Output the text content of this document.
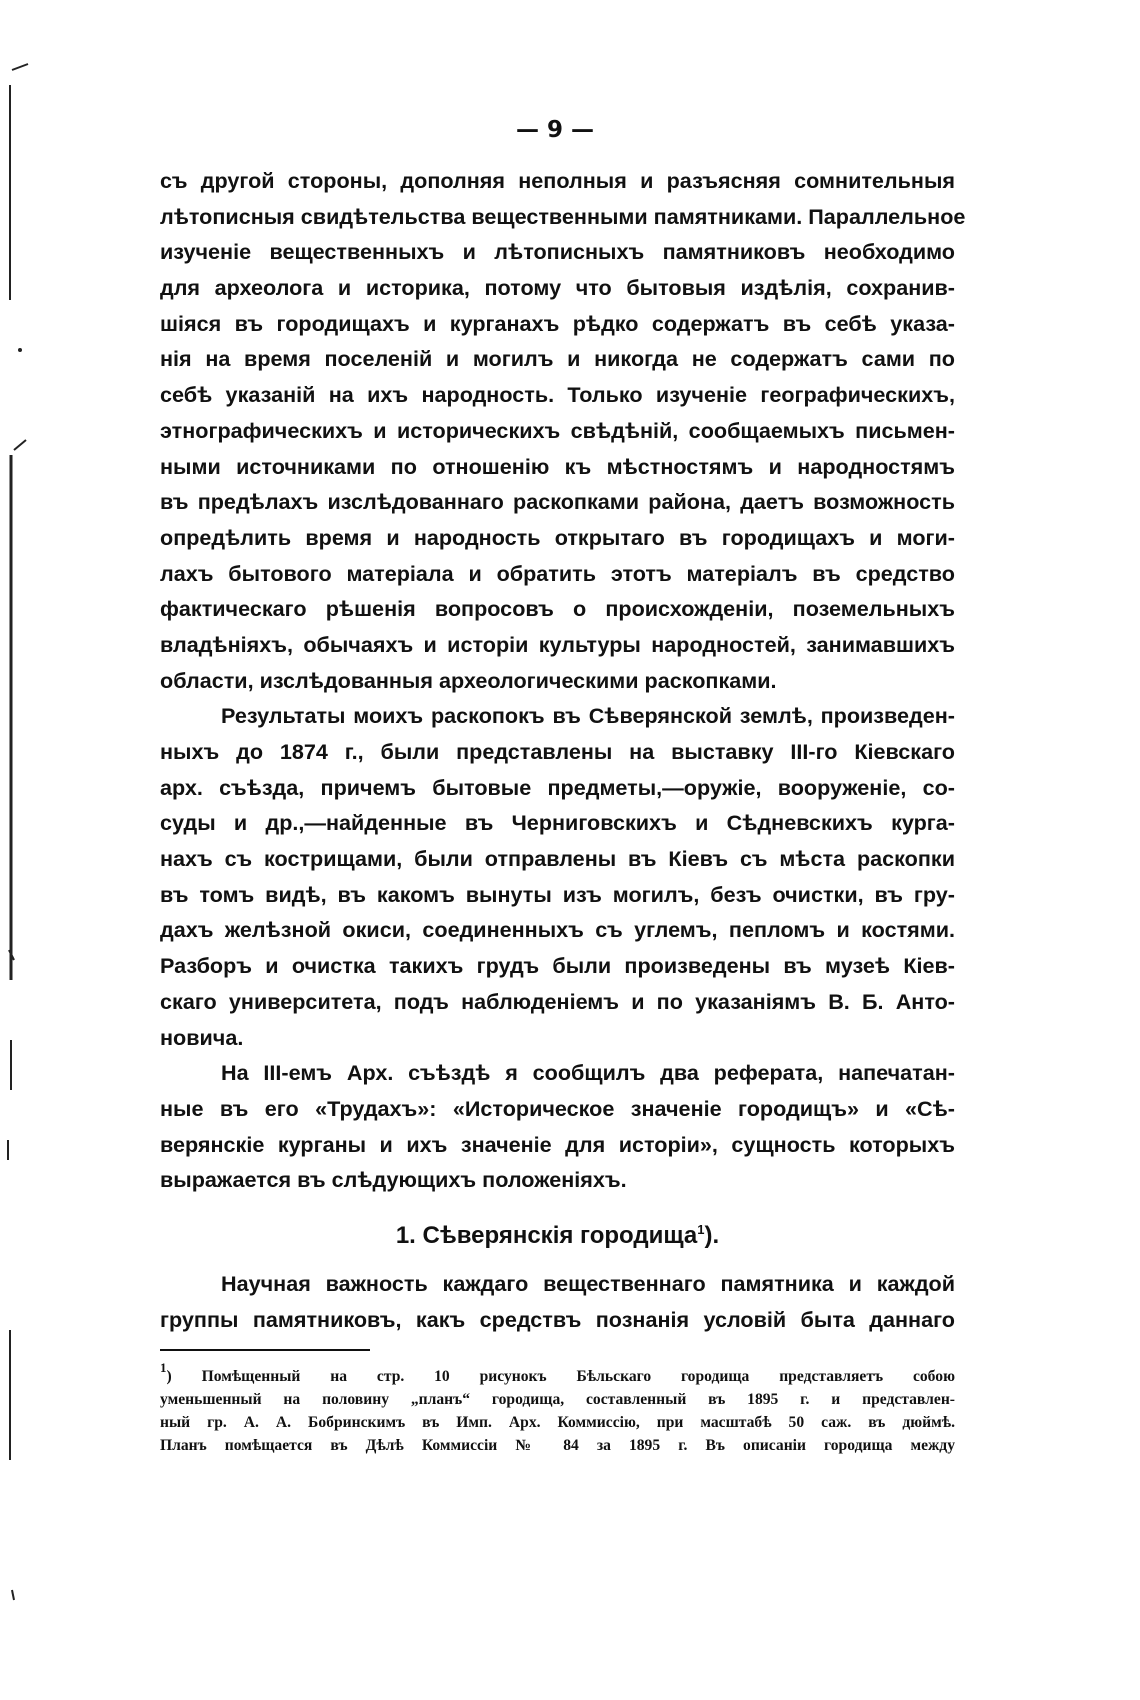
— 9 —
съ другой стороны, дополняя неполныя и разъясняя сомнительныя
лѣтописныя свидѣтельства вещественными памятниками. Параллельное
изученіе вещественныхъ и лѣтописныхъ памятниковъ необходимо
для археолога и историка, потому что бытовыя издѣлія, сохранив-
шіяся въ городищахъ и курганахъ рѣдко содержатъ въ себѣ указа-
нія на время поселеній и могилъ и никогда не содержатъ сами по
себѣ указаній на ихъ народность. Только изученіе географическихъ,
этнографическихъ и историческихъ свѣдѣній, сообщаемыхъ письмен-
ными источниками по отношенію къ мѣстностямъ и народностямъ
въ предѣлахъ изслѣдованнаго раскопками района, даетъ возможность
опредѣлить время и народность открытаго въ городищахъ и моги-
лахъ бытового матеріала и обратить этотъ матеріалъ въ средство
фактическаго рѣшенія вопросовъ о происхожденіи, поземельныхъ
владѣніяхъ, обычаяхъ и исторіи культуры народностей, занимавшихъ
области, изслѣдованныя археологическими раскопками.
Результаты моихъ раскопокъ въ Сѣверянской землѣ, произведен-
ныхъ до 1874 г., были представлены на выставку III-го Кіевскаго
арх. съѣзда, причемъ бытовые предметы,—оружіе, вооруженіе, со-
суды и др.,—найденные въ Черниговскихъ и Сѣдневскихъ курга-
нахъ съ кострищами, были отправлены въ Кіевъ съ мѣста раскопки
въ томъ видѣ, въ какомъ вынуты изъ могилъ, безъ очистки, въ гру-
дахъ желѣзной окиси, соединенныхъ съ углемъ, пепломъ и костями.
Разборъ и очистка такихъ грудъ были произведены въ музеѣ Кіев-
скаго университета, подъ наблюденіемъ и по указаніямъ В. Б. Анто-
новича.
На III-емъ Арх. съѣздѣ я сообщилъ два реферата, напечатан-
ные въ его «Трудахъ»: «Историческое значеніе городищъ» и «Сѣ-
верянскіе курганы и ихъ значеніе для исторіи», сущность которыхъ
выражается въ слѣдующихъ положеніяхъ.
1. Сѣверянскія городища$^1$).
Научная важность каждаго вещественнаго памятника и каждой
группы памятниковъ, какъ средствъ познанія условій быта даннаго
$^1$) Помѣщенный на стр. 10 рисунокъ Бѣльскаго городища представляетъ собою
уменьшенный на половину „планъ“ городища, составленный въ 1895 г. и представлен-
ный гр. А. А. Бобринскимъ въ Имп. Арх. Коммиссію, при масштабѣ 50 саж. въ дюймѣ.
Планъ помѣщается въ Дѣлѣ Коммиссіи № 84 за 1895 г. Въ описаніи городища между
